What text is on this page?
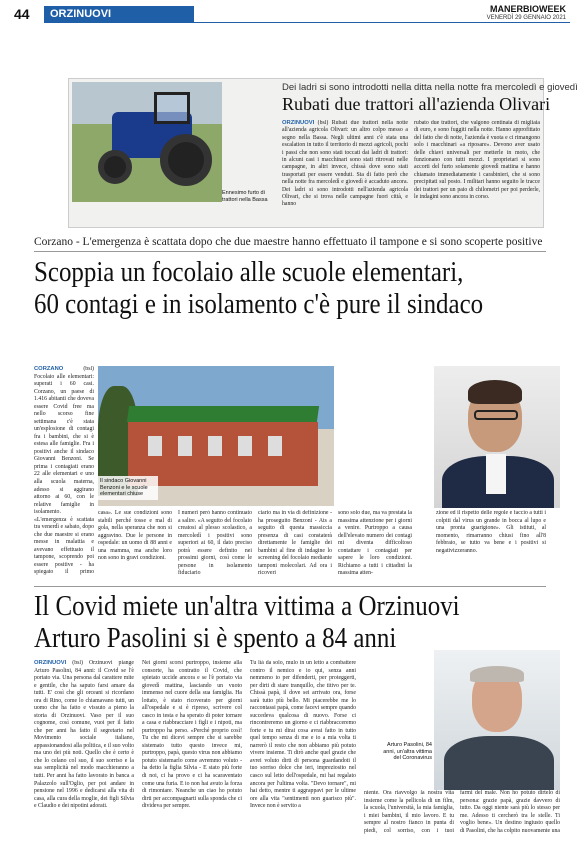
44	ORZINUOVI	MANERBIOWEEK
VENERDÌ 29 GENNAIO 2021
Ennesimo furto di trattori nella Bassa
Dei ladri si sono introdotti nella ditta nella notte fra mercoledì e giovedì
Rubati due trattori all'azienda Olivari
ORZINUOVI (bsl) Rubati due trattori nella notte all'azienda agricola Olivari: un altro colpo messo a segno nella Bassa. Negli ultimi anni c'è stata una escalation in tutto il territorio di mezzi agricoli, pochi i passi che non sono stati toccati dai ladri di trattori: in alcuni casi i macchinari sono stati ritrovati nelle campagne, in altri invece, chissà dove sono stati trasportati per essere venduti. Sta di fatto però che nella notte fra mercoledì e giovedì è accaduto ancora. Dei ladri si sono introdotti nell'azienda agricola Olivari, che si trova nelle campagne fuori città, e hanno
rubato due trattori, che valgono centinaia di migliaia di euro, e sono fuggiti nella notte. Hanno approfittato del fatto che di notte, l'azienda è vuota e ci rimangono solo i macchinari «a riposare». Devono aver usato delle chiavi universali per metterle in moto, che funzionano con tutti mezzi. I proprietari si sono accorti del furto solamente giovedì mattina e hanno chiamato immediatamente i carabinieri, che si sono precipitati sul posto. I militari hanno seguito le tracce dei trattori per un paio di chilometri per poi perderle, le indagini sono ancora in corso.
Corzano - L'emergenza è scattata dopo che due maestre hanno effettuato il tampone e si sono scoperte positive
Scoppia un focolaio alle scuole elementari,
60 contagi e in isolamento c'è pure il sindaco
CORZANO	(bsl) Focolaio alle elementari: superati i 60 casi. Corzano, un paese di 1.416 abitanti che doveva essere Covid free ma nello scorso fine settimana c'è stata un'esplosione di contagi fra i bambini, che si è estesa alle famiglie. Fra i positivi anche il sindaco Giovanni Benzoni. Se prima i contagiati erano 22 alle elementari e uno alla scuola materna, adesso si aggirano attorno ai 60, con le relative famiglie in isolamento. «L'emergenza è scattata tra venerdì e sabato, dopo che due maestre si erano messe in malattia e avevano effettuato il tampone, scoprendo poi essere positive - ha spiegato il primo
Il sindaco Giovanni Benzoni e le scuole elementari chiuse
casa». Le sue condizioni sono stabili perché tosse e mal di gola, nella speranza che non si aggravino. Due le persone in ospedale: un uomo di 88 anni e una mamma, ma anche loro non sono in gravi condizioni.
I numeri però hanno continuato a salire. «A seguito del focolaio creatosi al plesso scolastico, a mercoledì i positivi sono superiori ai 60, il dato preciso potrà essere definito nei prossimi giorni, così come le persone in isolamento fiduciario
ciario ma in via di definizione - ha proseguito Benzoni - Ats a seguito di questa massiccia presenza di casi constaterà direttamente le famiglie dei bambini al fine di indagine lo screening del focolaio mediante tamponi molecolari. Ad ora i ricoveri
sono solo due, ma va prestata la massima attenzione per i giorni a venire. Purtroppo a causa dell'elevato numero dei contagi mi diventa difficoltoso contattare i contagiati per sapere le loro condizioni. Richiamo a tutti i cittadini la massima atten-
zione ed il rispetto delle regole e faccio a tutti i colpiti dal virus un grande in bocca al lupo e una pronta guarigione». Gli istituti, al momento, rimarranno chiusi fino all'8 febbraio, se tutto va bene e i positivi si negativizzeranno.
Il Covid miete un'altra vittima a Orzinuovi
Arturo Pasolini si è spento a 84 anni
ORZINUOVI (bsl) Orzinuovi piange Arturo Pasolini, 84 anni: il Covid se l'è portato via. Una persona dal carattere mite e gentile, che ha saputo farsi amare da tutti. E' così che gli orceani si ricordano ora di Rino, come lo chiamavano tutti, un uomo che ha fatto e vissuto a pieno la storia di Orzinuovi. Vaso per il suo cognome, così comune, vuoi per il fatto che per anni ha fatto il segretario nel Movimento sociale italiano, appassionandosi alla politica, e il suo volto ma uno dei più noti. Quello che è certo è che lo celano col suo, il suo sorriso e la sua semplicità nel modo macchieranno a tutti. Per anni ha fatto lavorato in banca a Palazzolo sull'Oglio, per poi andare in pensione nel 1996 e dedicarsi alla vita di casa, alla cura della moglie, dei figli Silvia e Claudio e dei nipotini adorati.
Nei giorni scorsi purtroppo, insieme alla consorte, ha contratto il Covid, che spietato uccide ancora e se l'è portato via giovedì mattina, lasciando un vuoto immenso nel cuore della sua famiglia. Ha lottato, è stato ricoverato per giorni all'ospedale e si è ripreso, scrivere col casco in testa e ha sperato di poter tornare a casa e riabbracciare i figli e i nipoti, ma purtroppo ha perso. «Perché proprio così! Tu che mi dicevi sempre che si sarebbe sistemato tutto questo invece mi, purtroppo, papà, questo virus non abbiamo potuto sistemarlo come avremmo voluto - ha detto la figlia Silvia - E stato più forte di noi, ci ha provo e ci ha scaraventato come una furia. E io non hai avuto la forza di rimontare. Neanche un ciao ho potuto dirti per accompagnarti sulla sponda che ci divideva per sempre.
Tu lìà da solo, mulo in un letto a combattere contro il nemico e io qui, senza anni nemmeno io per difenderti, per proteggerti, per dirti di stare tranquillo, che titivo per te. Chissà papà, il dove sei arrivato ora, forse sarà tutto più bello. Mi piacerebbe me lo raccontassi papà, come facevi sempre quando succedeva qualcosa di nuovo. Forse ci rincontreremo un giorno e ci riabbracceremo forte e tu mi dirai cosa avrai fatto in tutto quel tempo senza di me e io a mia volta ti narrerò il resto che non abbiamo più potuto vivere insieme. Ti dirò anche quel grazie che avrei voluto dirti di persona guardandoti il tuo sorriso dolce che ieri, impreziosito nel casco sul letto dell'ospedale, mi hai regalato ancora per l'ultima volta. "Devo tornare", mi hai detto, mentre ti aggrappavi per le ultime ore alla vita "sentimenti non guarisco più". Invece non è servito a
niente. Ora riavvolgo la nostra vita insieme come la pellicola di un film, la scuola, l'università, la mia famiglia, i miei bambini, il mio lavoro. E tu sempre al nostro fianco in punta di piedi, col sorriso, con i tuoi
farmi del male. Non ho potuto dirtelo di persona: grazie papà, grazie davvero di tutto. Da oggi niente sarà più lo stesso per me. Adesso ti cercherò tra le stelle. Ti voglio bene». Un destino ingiusto quello di Pasolini, che ha colpito nuovamente una
Arturo Pasolini, 84 anni, un'altra vittima del Coronavirus
